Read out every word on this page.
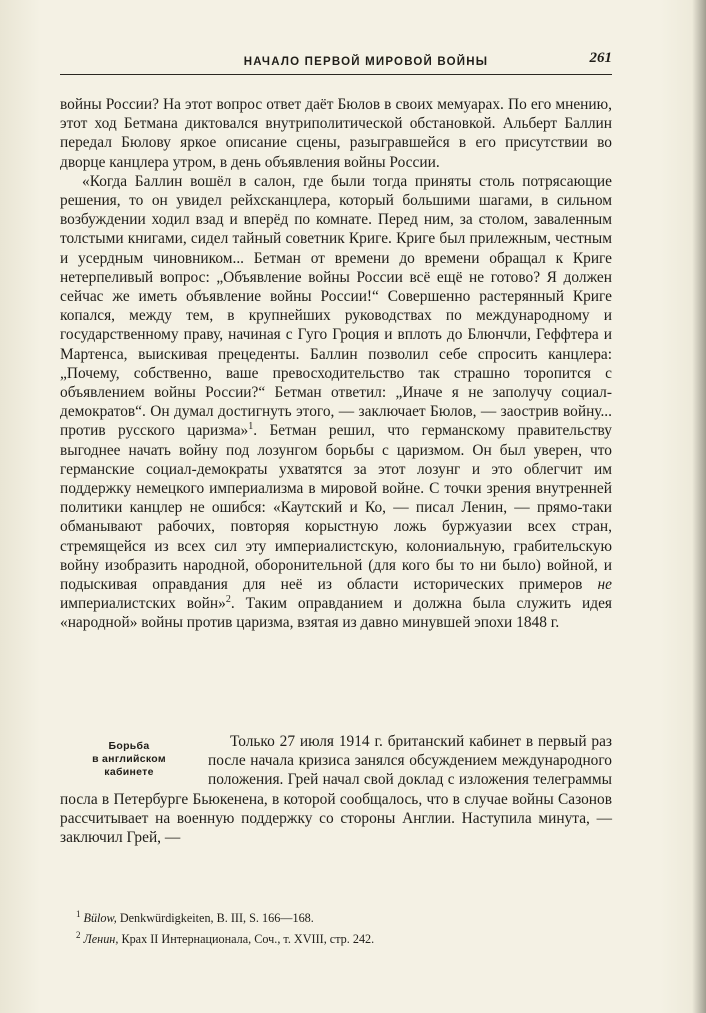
НАЧАЛО ПЕРВОЙ МИРОВОЙ ВОЙНЫ	261

войны России? На этот вопрос ответ даёт Бюлов в своих мемуарах. По его мнению, этот ход Бетмана диктовался внутриполитической обстановкой. Альберт Баллин передал Бюлову яркое описание сцены, разыгравшейся в его присутствии во дворце канцлера утром, в день объявления войны России.

«Когда Баллин вошёл в салон, где были тогда приняты столь потрясающие решения, то он увидел рейхсканцлера, который большими шагами, в сильном возбуждении ходил взад и вперёд по комнате. Перед ним, за столом, заваленным толстыми книгами, сидел тайный советник Криге. Криге был прилежным, честным и усердным чиновником... Бетман от времени до времени обращал к Криге нетерпеливый вопрос: „Объявление войны России всё ещё не готово? Я должен сейчас же иметь объявление войны России!“ Совершенно растерянный Криге копался, между тем, в крупнейших руководствах по международному и государственному праву, начиная с Гуго Гроция и вплоть до Блюнчли, Геффтера и Мартенса, выискивая прецеденты. Баллин позволил себе спросить канцлера: „Почему, собственно, ваше превосходительство так страшно торопится с объявлением войны России?“ Бетман ответил: „Иначе я не заполучу социал-демократов“. Он думал достигнуть этого, — заключает Бюлов, — заострив войну... против русского царизма»$^1$. Бетман решил, что германскому правительству выгоднее начать войну под лозунгом борьбы с царизмом. Он был уверен, что германские социал-демократы ухватятся за этот лозунг и это облегчит им поддержку немецкого империализма в мировой войне. С точки зрения внутренней политики канцлер не ошибся: «Каутский и Ко, — писал Ленин, — прямо-таки обманывают рабочих, повторяя корыстную ложь буржуазии всех стран, стремящейся из всех сил эту империалистскую, колониальную, грабительскую войну изобразить народной, оборонительной (для кого бы то ни было) войной, и подыскивая оправдания для неё из области исторических примеров не империалистских войн»$^2$. Таким оправданием и должна была служить идея «народной» войны против царизма, взятая из давно минувшей эпохи 1848 г.

Борьба
в английском
кабинете

Только 27 июля 1914 г. британский кабинет в первый раз после начала кризиса занялся обсуждением международного положения. Грей начал свой доклад с изложения телеграммы посла в Петербурге Бьюкенена, в которой сообщалось, что в случае войны Сазонов рассчитывает на военную поддержку со стороны Англии. Наступила минута, — заключил Грей, —

$^1$ Bülow, Denkwürdigkeiten, B. III, S. 166—168.
$^2$ Ленин, Крах II Интернационала, Соч., т. XVIII, стр. 242.
